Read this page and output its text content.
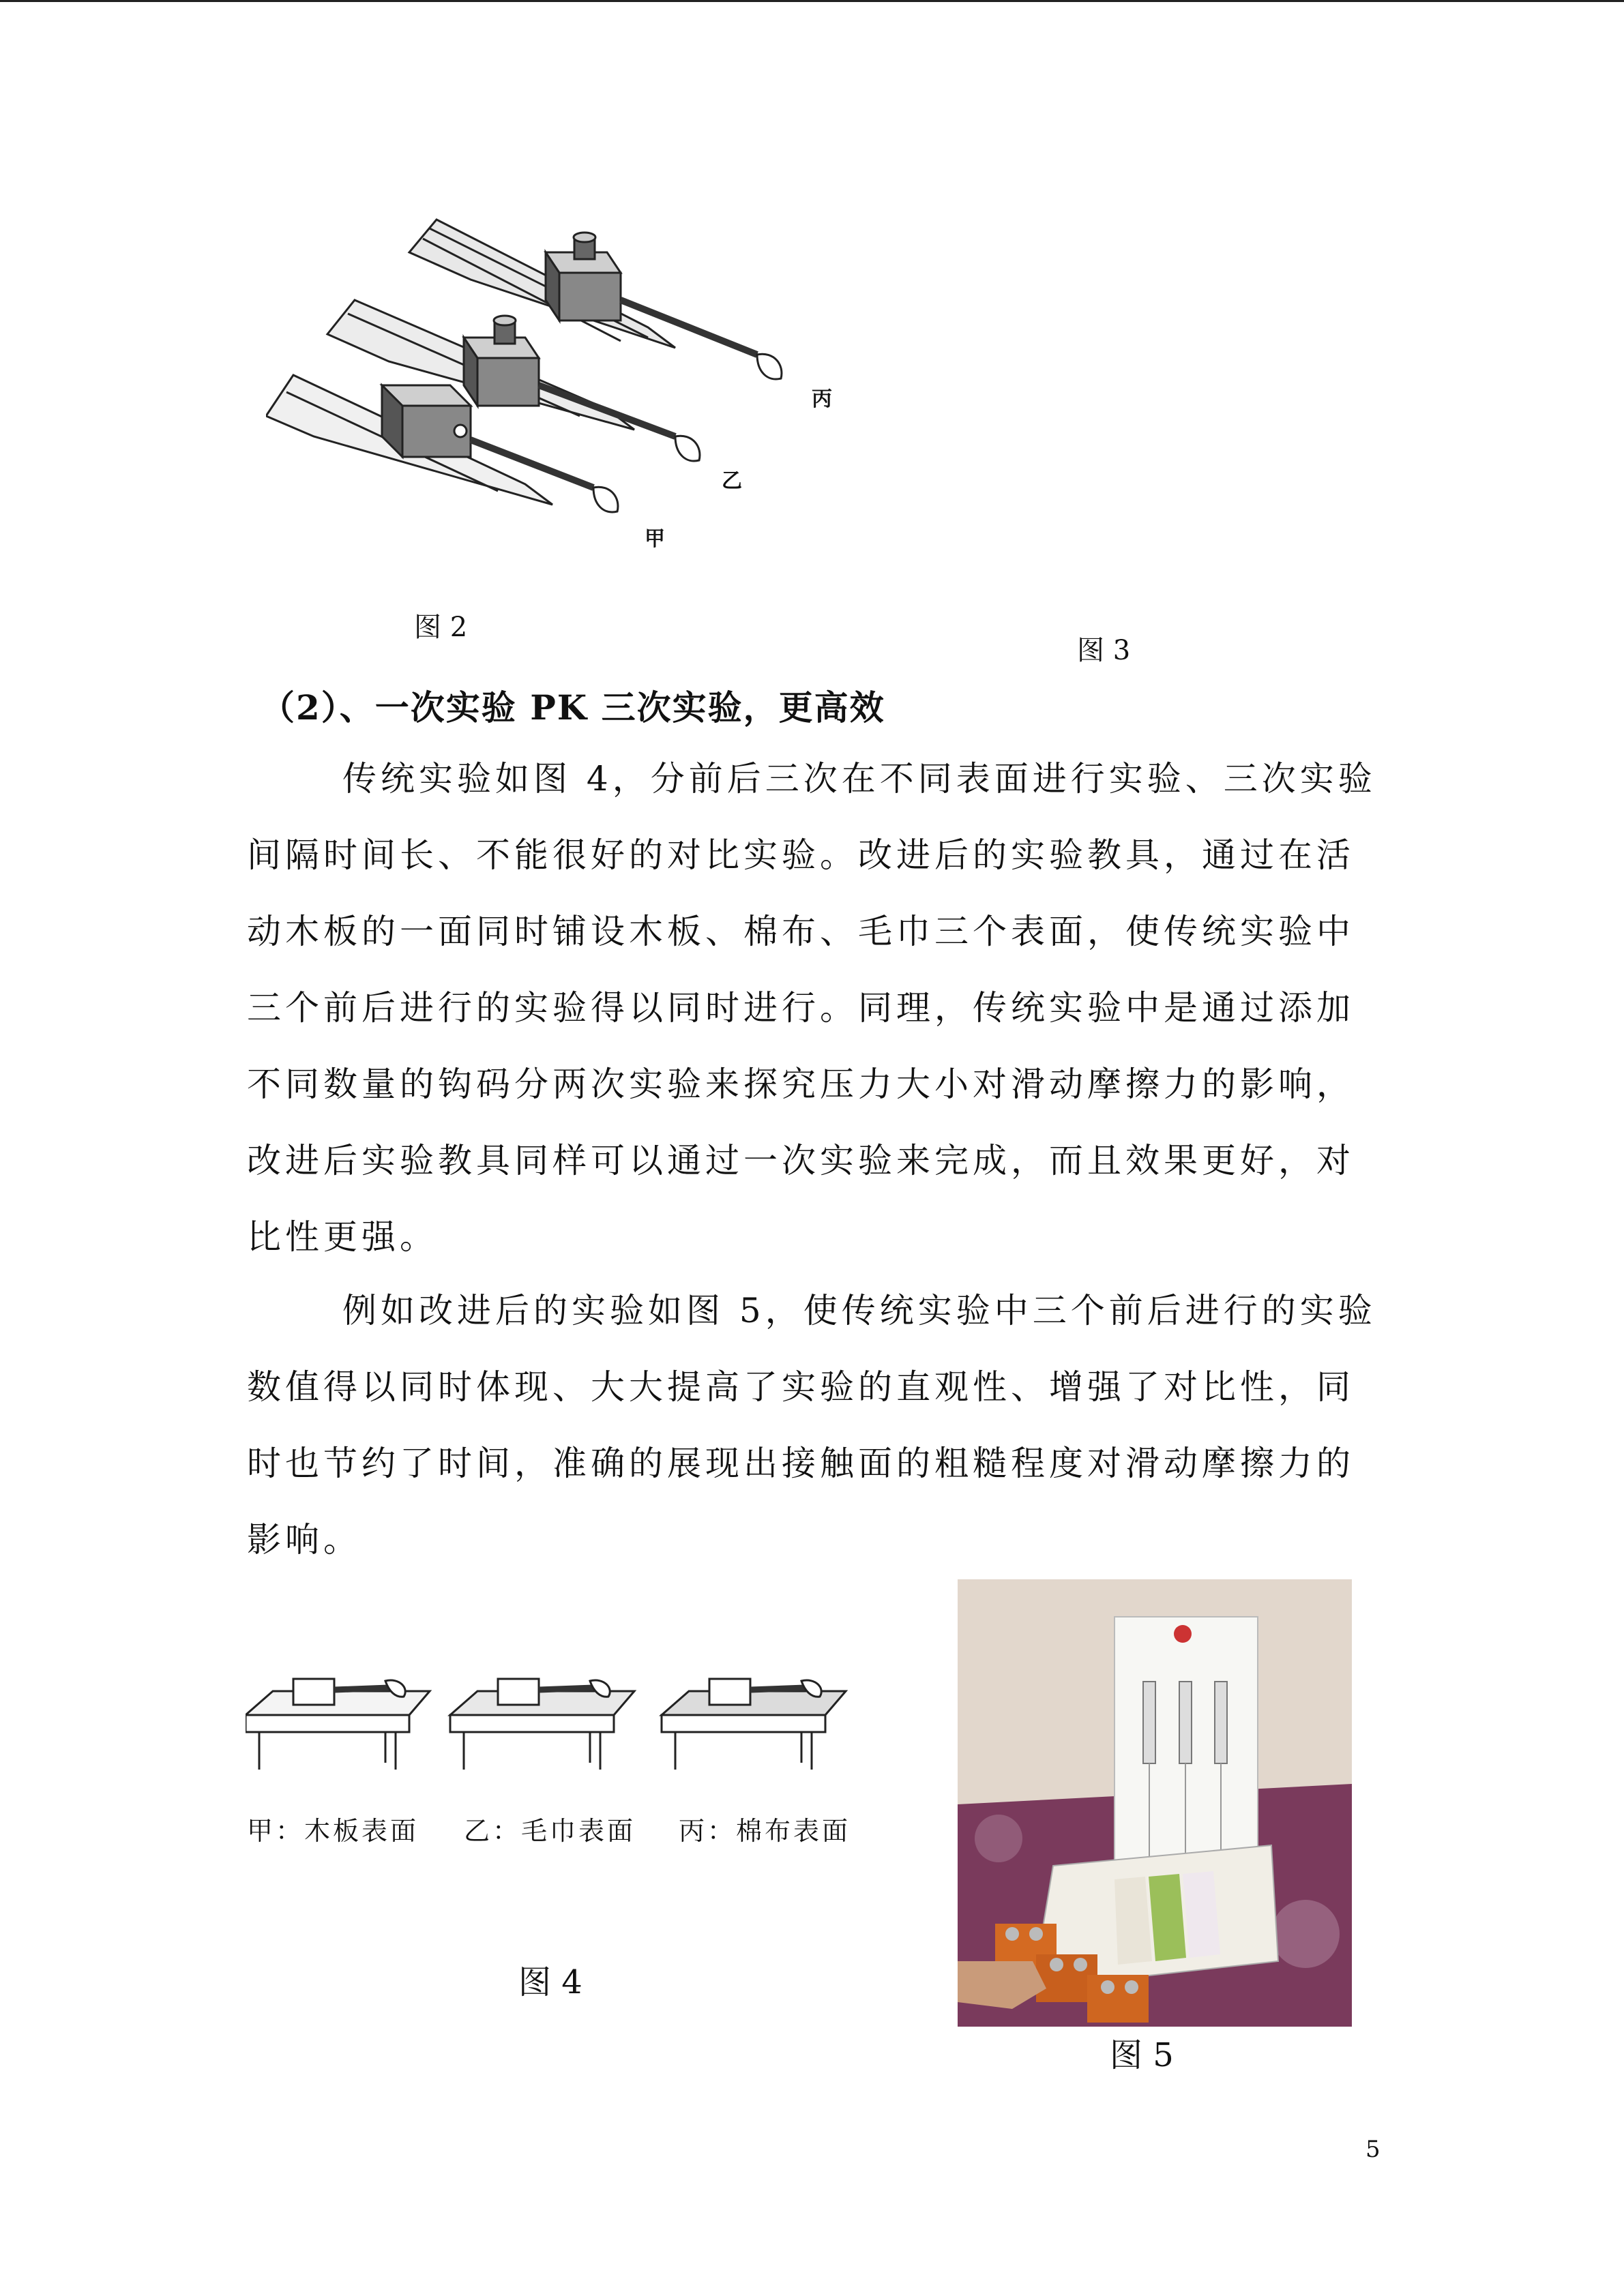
丙
乙
甲
图 2
图 3
（2）、一次实验 PK 三次实验，更高效
传统实验如图 4，分前后三次在不同表面进行实验、三次实验
间隔时间长、不能很好的对比实验。改进后的实验教具，通过在活
动木板的一面同时铺设木板、棉布、毛巾三个表面，使传统实验中
三个前后进行的实验得以同时进行。同理，传统实验中是通过添加
不同数量的钩码分两次实验来探究压力大小对滑动摩擦力的影响，
改进后实验教具同样可以通过一次实验来完成，而且效果更好，对
比性更强。
例如改进后的实验如图 5，使传统实验中三个前后进行的实验
数值得以同时体现、大大提高了实验的直观性、增强了对比性，同
时也节约了时间，准确的展现出接触面的粗糙程度对滑动摩擦力的
影响。
甲：木板表面 乙：毛巾表面 丙：棉布表面
图 4
图 5
5
